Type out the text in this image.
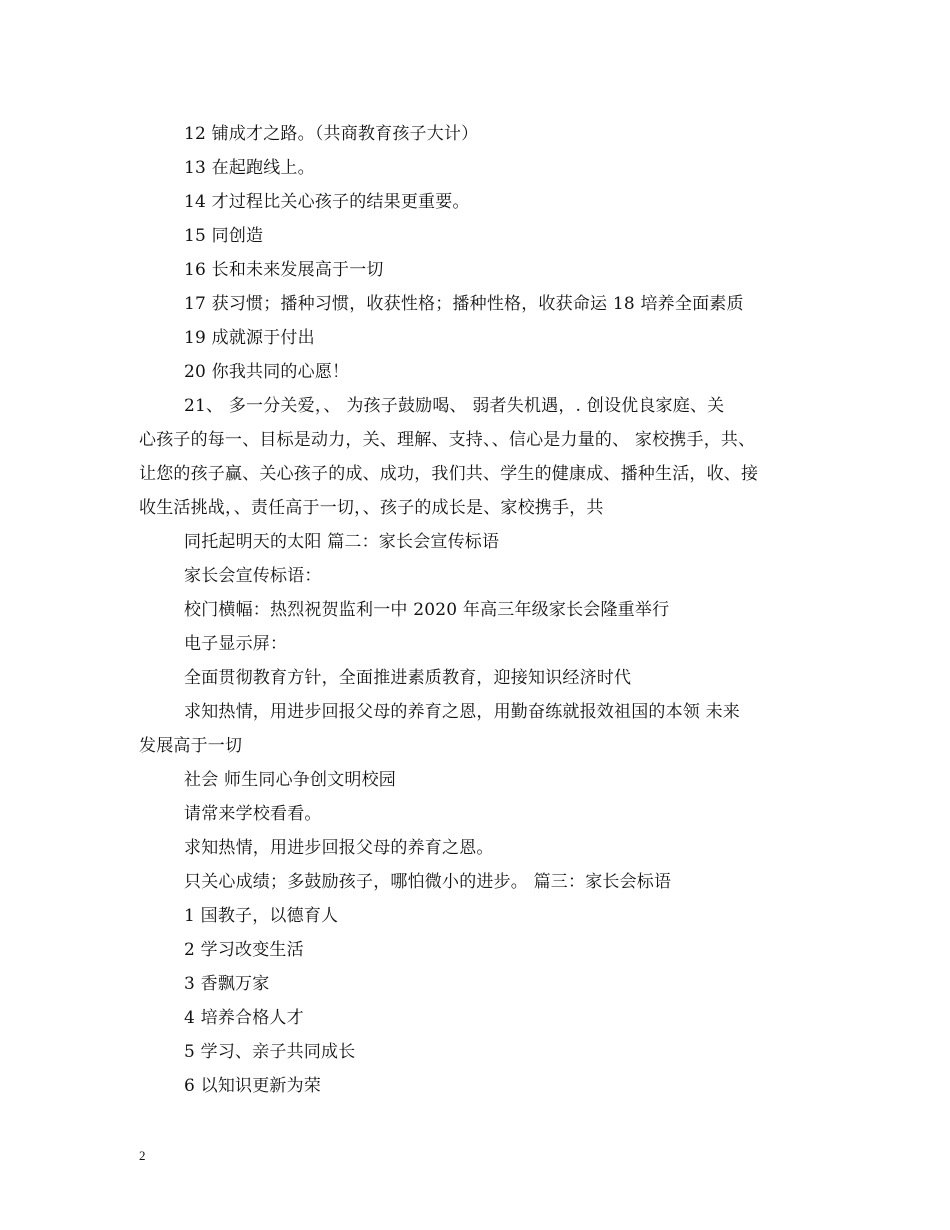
12 铺成才之路。（共商教育孩子大计）
13 在起跑线上。
14 才过程比关心孩子的结果更重要。
15 同创造
16 长和未来发展高于一切
17 获习惯；播种习惯，收获性格；播种性格，收获命运 18 培养全面素质
19 成就源于付出
20 你我共同的心愿！
21、 多一分关爱，、 为孩子鼓励喝、 弱者失机遇，. 创设优良家庭、关
心孩子的每一、目标是动力，关、理解、支持、、信心是力量的、 家校携手，共、
让您的孩子赢、关心孩子的成、成功，我们共、学生的健康成、播种生活，收、接
收生活挑战，、责任高于一切，、孩子的成长是、家校携手，共
同托起明天的太阳 篇二：家长会宣传标语
家长会宣传标语：
校门横幅：热烈祝贺监利一中 2020 年高三年级家长会隆重举行
电子显示屏：
全面贯彻教育方针，全面推进素质教育，迎接知识经济时代
求知热情，用进步回报父母的养育之恩，用勤奋练就报效祖国的本领 未来
发展高于一切
社会 师生同心争创文明校园
请常来学校看看。
求知热情，用进步回报父母的养育之恩。
只关心成绩；多鼓励孩子，哪怕微小的进步。 篇三：家长会标语
1 国教子，以德育人
2 学习改变生活
3 香飘万家
4 培养合格人才
5 学习、亲子共同成长
6 以知识更新为荣
2
